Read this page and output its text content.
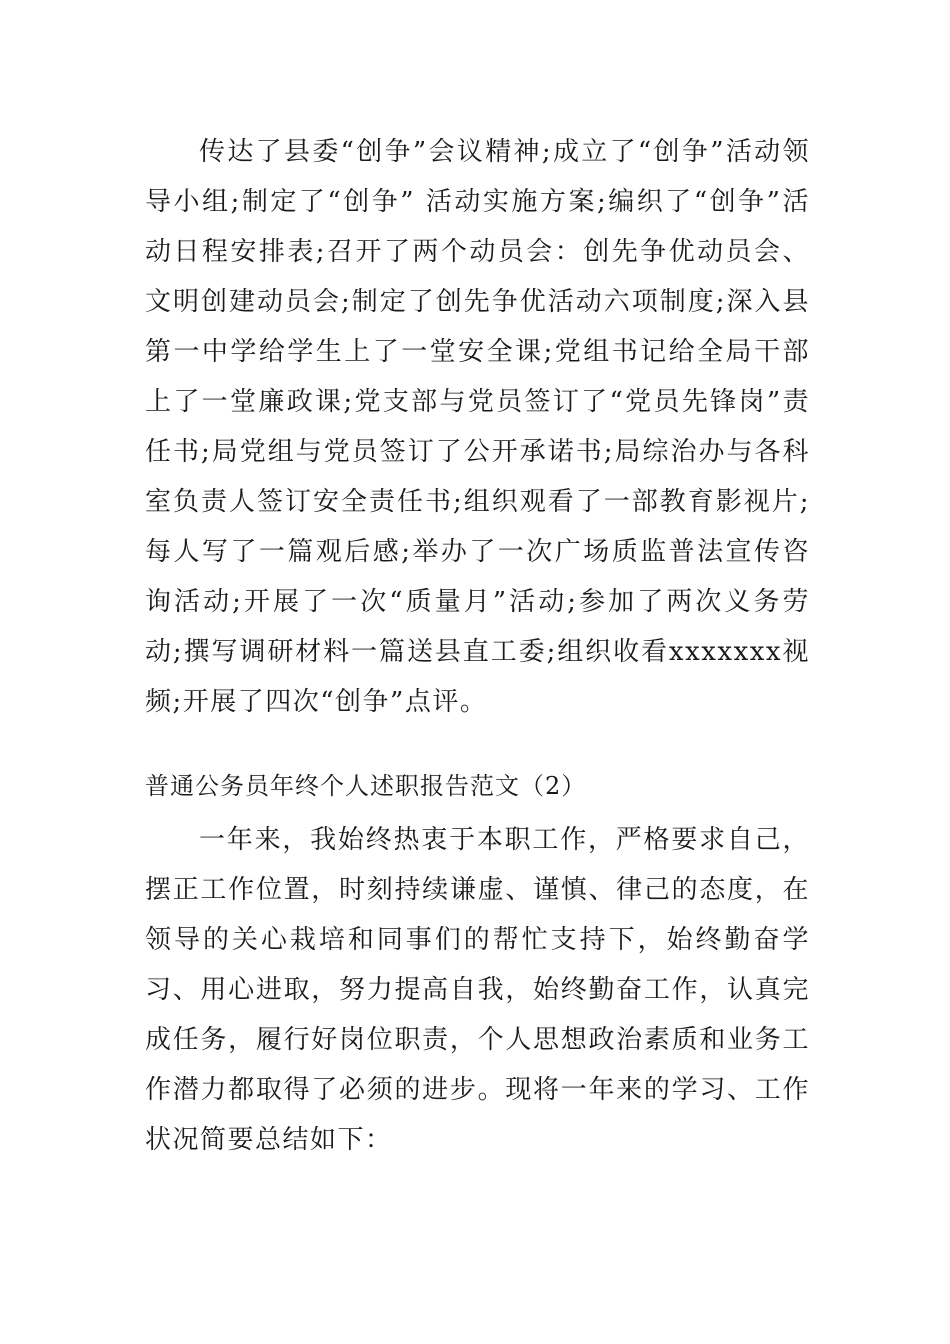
传达了县委“创争”会议精神;成立了“创争”活动领导小组;制定了“创争” 活动实施方案;编织了“创争”活动日程安排表;召开了两个动员会：创先争优动员会、文明创建动员会;制定了创先争优活动六项制度;深入县第一中学给学生上了一堂安全课;党组书记给全局干部上了一堂廉政课;党支部与党员签订了“党员先锋岗”责任书;局党组与党员签订了公开承诺书;局综治办与各科室负责人签订安全责任书;组织观看了一部教育影视片;每人写了一篇观后感;举办了一次广场质监普法宣传咨询活动;开展了一次“质量月”活动;参加了两次义务劳动;撰写调研材料一篇送县直工委;组织收看xxxxxxx视频;开展了四次“创争”点评。

普通公务员年终个人述职报告范文（2）

一年来，我始终热衷于本职工作，严格要求自己，摆正工作位置，时刻持续谦虚、谨慎、律己的态度，在领导的关心栽培和同事们的帮忙支持下，始终勤奋学习、用心进取，努力提高自我，始终勤奋工作，认真完成任务，履行好岗位职责，个人思想政治素质和业务工作潜力都取得了必须的进步。现将一年来的学习、工作状况简要总结如下：
